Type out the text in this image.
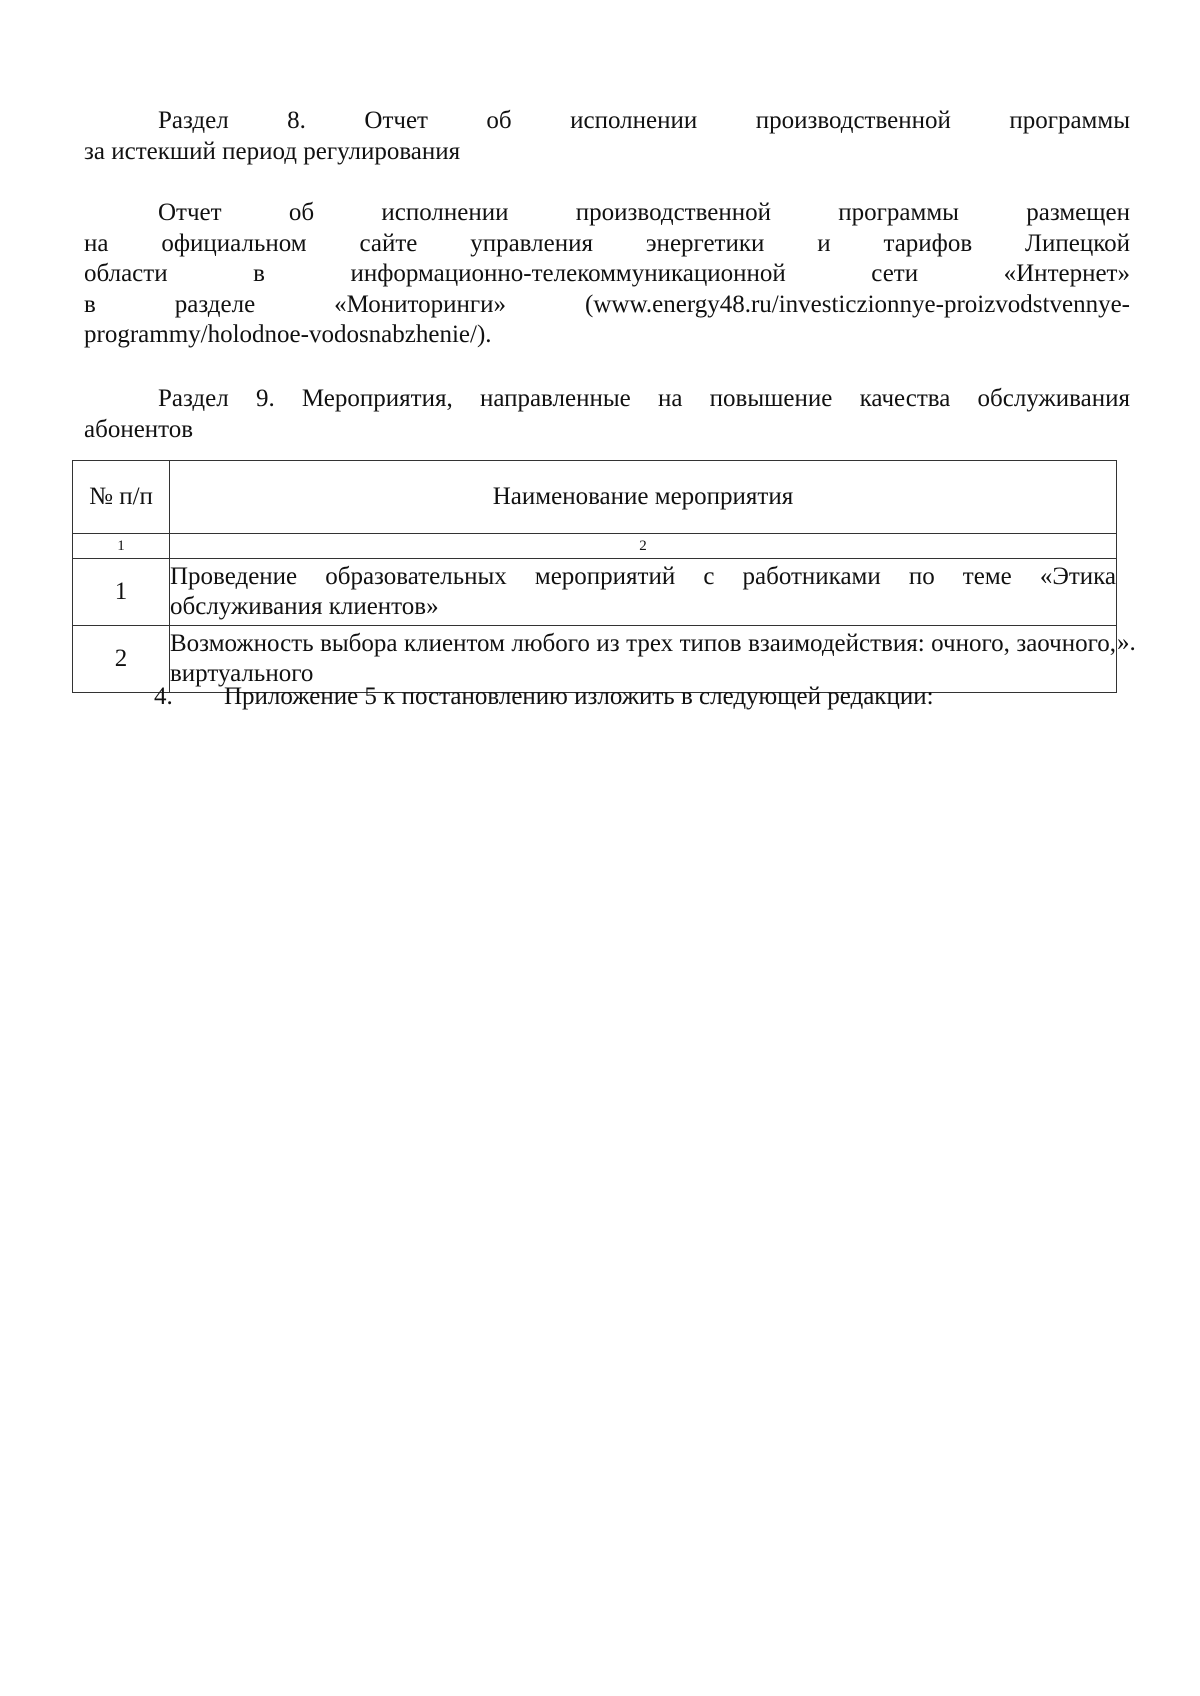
Раздел 8. Отчет об исполнении производственной программы
за истекший период регулирования
Отчет об исполнении производственной программы размещен
на официальном сайте управления энергетики и тарифов Липецкой
области в информационно-телекоммуникационной сети «Интернет»
в разделе «Мониторинги» (www.energy48.ru/investiczionnye-proizvodstvennye-
programmy/holodnoe-vodosnabzhenie/).
Раздел 9. Мероприятия, направленные на повышение качества обслуживания
абонентов
№ п/п	Наименование мероприятия
1	2
1	Проведение образовательных мероприятий с работниками по теме «Этика обслуживания клиентов»
2	Возможность выбора клиентом любого из трех типов взаимодействия: очного, заочного, виртуального
».
4. Приложение 5 к постановлению изложить в следующей редакции:
